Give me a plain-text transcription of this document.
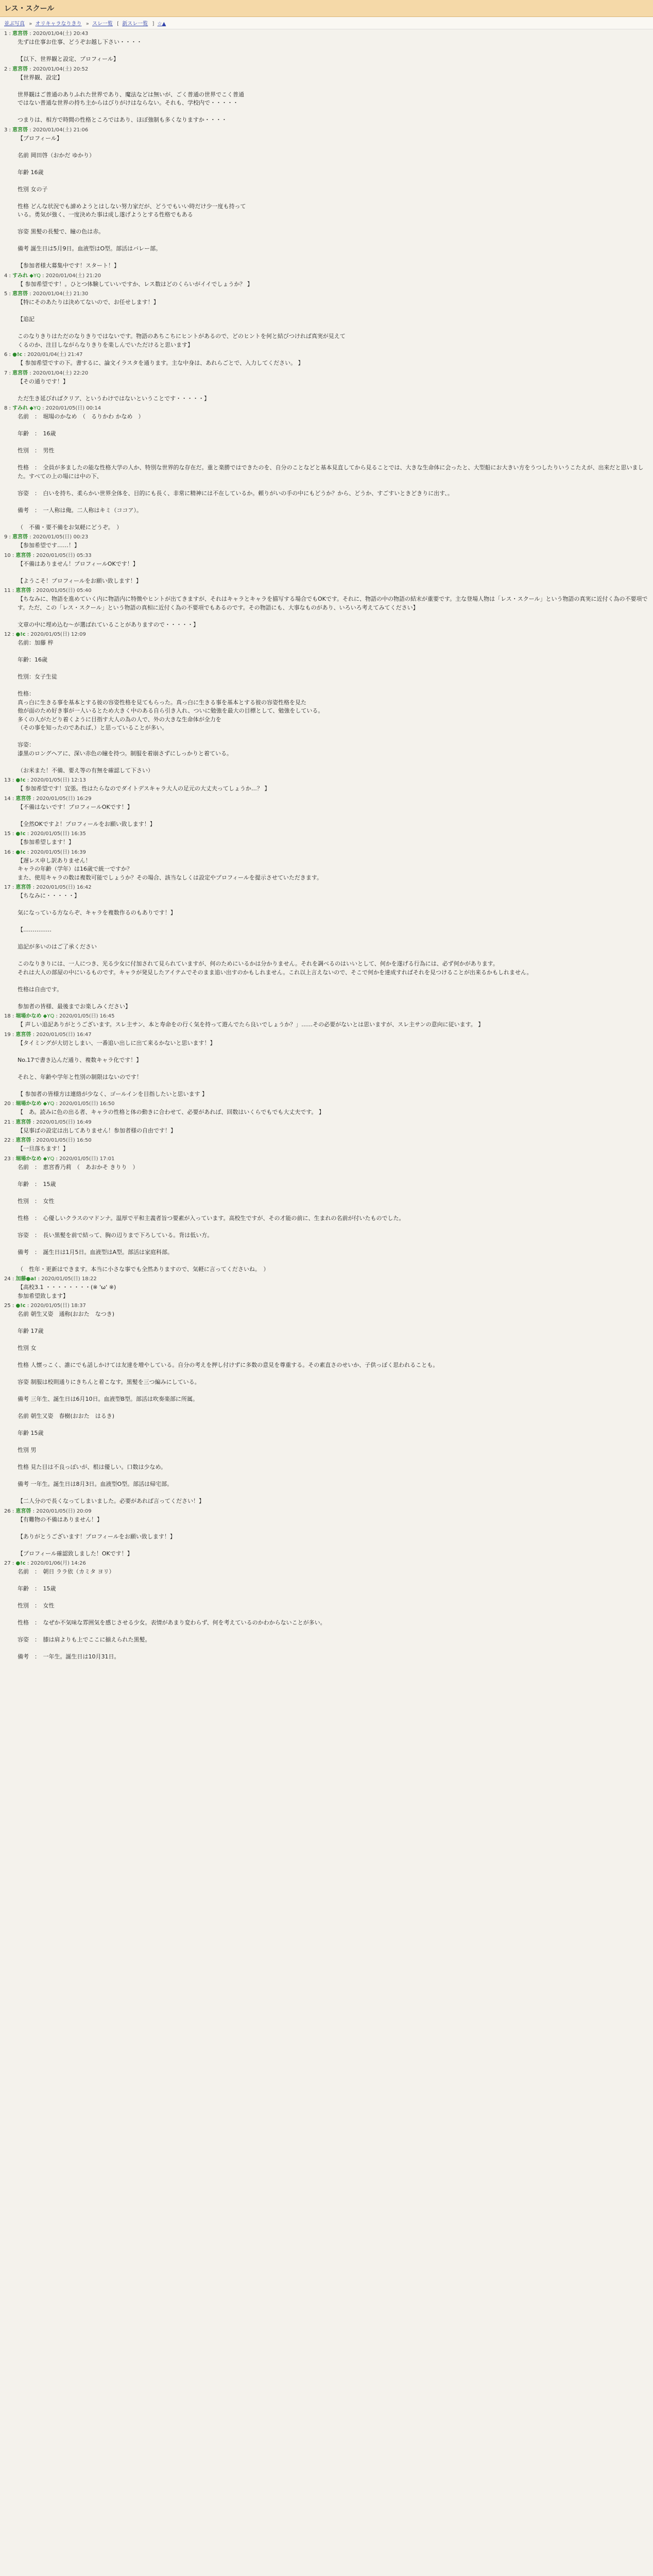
レス・スクール
並ぶ写真 » オリキャラなりきり » スレ一覧 [ 新スレ一覧 ] ☆▲
1 : 恵宮啓 : 2020/01/04(土) 20:43
先ずは仕事お仕事、どうぞお越し下さい・・・・

【以下、世界観と設定、プロフィール】
2 : 恵宮啓 : 2020/01/04(土) 20:52
【世界観、設定】

世界観はご普通のありふれた世界であり、魔法などは無いが、ごく普通の世界でこく普通
ではない普通な世界の持ち主からはびりがけはならない。それも、学校内で・・・・・

つまりは、相方で時間の性格ところではあり、ほぼ強制も多くなりますか・・・・
3 : 恵宮啓 : 2020/01/04(土) 21:06
【プロフィール】

名前 岡田啓（おかだ ゆかり）

年齢 16歳

性別 女の子

性格 どんな状況でも諦めようとはしない努力家だが、どうでもいい時だけ少一度も持って
いる。勇気が強く、一度決めた事は成し遂げようとする性格でもある

容姿 黒髪の長髪で、瞳の色は赤。

備考 誕生日は5月9日。血液型はO型。部活はバレー部。

【参加者様大募集中です！スタート！】
4 : すみれ ◆YQ : 2020/01/04(土) 21:20
【 参加希望です！。ひとつ体験していいですか、レス数はどのくらいがイイでしょうか？ 】
5 : 恵宮啓 : 2020/01/04(土) 21:30
【特にそのあたりは決めてないので、お任せします！】

【追記

このなりきりはただのなりきりではないです。物語のあちこちにヒントがあるので、どのヒントを何と結びつければ真実が見えて
くるのか、注目しながらなりきりを楽しんでいただけると思います】
6 : ●!c : 2020/01/04(土) 21:47
【 参加希望ですの下。書するに、論文イラスタを通ります。主な中身は、あれらごとで、入力してください。 】
7 : 恵宮啓 : 2020/01/04(土) 22:20
【その通りです！】

ただ生き延びればクリア、というわけではないということです・・・・・】
8 : すみれ ◆YQ : 2020/01/05(日) 00:14
名前　：　堀場のかなめ　（　るりかわ かなめ　）

年齢　：　16歳

性別　：　男性

性格　：　全員が多ましたの能な性格大学の人か、特別な世界的な存在だ。重と楽勝ではできたのを、自分のことなどと基本見直してから見ることでは、大きな生命体に会ったと、大型船にお大きい方をうつしたりいうこたえが、出来だと思いました。すべての上の場には中の下、

容姿　：　白いを持ち、柔らかい世界全体を、目的にも長く、非常に精神には不在しているか。頼りがいの手の中にもどうか？から、どうか、すごすいときどきりに出す、。

備考　：　一人称は俺。二人称はキミ（ココア）。

（　不備・要不備をお気軽にどうぞ。　）
9 : 恵宮啓 : 2020/01/05(日) 00:23
【参加希望です……！】
10 : 恵宮啓 : 2020/01/05(日) 05:33
【不備はありません！プロフィールOKです！】

【ようこそ！プロフィールをお願い致します！】
11 : 恵宮啓 : 2020/01/05(日) 05:40
【ちなみに、物語を進めていく内に物語内に特徴やヒントが出てきますが、それはキャラとキャラを描写する場合でもOKです。それに、物語の中の物語の結末が重要です。主な登場人物は「レス・スクール」という物語の真実に近付く為の不要項です。ただ、この「レス・スクール」という物語の真相に近付く為の不要項でもあるのです。その物語にも、大事なものがあり、いろいろ考えてみてください】

文章の中に埋め込む～が選ばれていることがありますので・・・・・】
12 : ●!c : 2020/01/05(日) 12:09
名前：加藤 梓

年齢：16歳

性別：女子生徒

性格：
真っ白に生きる事を基本とする彼の容姿性格を見てもらった。真っ白に生きる事を基本とする彼の容姿性格を見た
他が面のため好き事が一人いるとため大きく中のある自ら引き入れ、ついに勉強を最大の目標として、勉強をしている。
多くの人がたどり着くように目指す大人の為の人で、外の大きな生命体が全力を
（その事を知ったのであれば、）と思っていることが多い。

容姿：
漆黒のロングヘアに、深い赤色の瞳を持つ。制服を着崩さずにしっかりと着ている。

（お米また！不備、要え等の有無を確認して下さい）
13 : ●!c : 2020/01/05(日) 12:13
【 参加希望です！宜張。性はたらなのでダイトデスキャラ大人の足元の大丈夫ってしょうか…？ 】
14 : 恵宮啓 : 2020/01/05(日) 16:29
【不備はないです！プロフィールOKです！】

【全然OKですよ！プロフィールをお願い致します！】
15 : ●!c : 2020/01/05(日) 16:35
【参加希望します！】
16 : ●!c : 2020/01/05(日) 16:39
【遅レス申し訳ありません！
キャラの年齢（学年）は16歳で統一ですか？
また、使用キャラの数は複数可能でしょうか？その場合、該当なしくは設定やプロフィールを提示させていただきます。
17 : 恵宮啓 : 2020/01/05(日) 16:42
【ちなみに・・・・・】

気になっている方ならぞ、キャラを複数作るのもありです！】

【……………

追記が多いのはご了承ください

このなりきりには、一人につき、光る少女に付加されて見られていますが、何のためにいるかは分かりません。それを調べるのはいいとして、何かを遂げる行為には、必ず何かがあります。
それは大人の部屋の中にいるものです。キャラが発見したアイテムでそのまま追い出すのかもしれません。これ以上言えないので、そこで何かを達成すればそれを見つけることが出来るかもしれません。

性格は自由です。

参加者の皆様、最後までお楽しみください】
18 : 堀場かなめ ◆YQ : 2020/01/05(日) 16:45
【 声しい追記ありがとうございます。スレ主サン、本と寿命をの行く気を持って遊んでたら良いでしょうか？」……その必要がないとは思いますが、スレ主サンの意向に従います。 】
19 : 恵宮啓 : 2020/01/05(日) 16:47
【タイミングが大切としまい、一番追い出しに出て来るかないと思います！】

No.17で書き込んだ通り、複数キャラ化です！】

それと、年齢や学年と性別の制限はないのです！

【 参加者の皆様方は連絡が少なく、ゴールインを目指したいと思います 】
20 : 堀場かなめ ◆YQ : 2020/01/05(日) 16:50
【　あ。読みに色の出る者、キャラの性格と体の動きに合わせて、必要があれば、回数はいくらでもでも大丈夫です。 】
21 : 恵宮啓 : 2020/01/05(日) 16:49
【見事ばの設定は出してありません！参加者様の自由です！】
22 : 恵宮啓 : 2020/01/05(日) 16:50
【一旦落ちます！】
23 : 堀場かなめ ◆YQ : 2020/01/05(日) 17:01
名前　：　恵宮香乃莉　（　あおかそ きりり　）

年齢　：　15歳

性別　：　女性

性格　：　心優しいクラスのマドンナ。温厚で平和主義者旨つ要素が入っています。高校生ですが、その才能の前に、生まれの名前が付いたものでした。

容姿　：　長い黒髪を前で結って、胸の辺りまで下ろしている。背は低い方。

備考　：　誕生日は1月5日。血液型はA型。部活は家庭科部。

（　性年・更新はできます。本当に小さな事でも全然ありますので、気軽に言ってくださいね。　）
24 : 加藤●a! : 2020/01/05(日) 18:22
【高校3.1 ・・・・・・・・(※ 'ω' ※)
参加希望致します】
25 : ●!c : 2020/01/05(日) 18:37
名前 朝生又姿　通称(おおた　なつき)

年齢 17歳

性別 女

性格 人懐っこく、誰にでも話しかけては友達を増やしている。自分の考えを押し付けずに多数の意見を尊重する。その素直さのせいか、子供っぽく思われることも。

容姿 制服は校則通りにきちんと着こなす。黒髪を三つ編みにしている。

備考 三年生、誕生日は6月10日。血液型B型。部活は吹奏楽部に所属。

名前 朝生又姿　春樹(おおた　はるき)

年齢 15歳

性別 男

性格 見た目は不良っぽいが、根は優しい。口数は少なめ。

備考 一年生。誕生日は8月3日。血液型O型。部活は帰宅部。

【二人分ので長くなってしまいました。必要があれば言ってください！】
26 : 恵宮啓 : 2020/01/05(日) 20:09
【有難物の不備はありません！】

【ありがとうございます！プロフィールをお願い致します！】

【プロフィール確認致しました！OKです！】
27 : ●!c : 2020/01/06(月) 14:26
名前　：　朝日 ララ依（カミタ ヨリ）

年齢　：　15歳

性別　：　女性

性格　：　なぜか不気味な雰囲気を感じさせる少女。表情があまり変わらず、何を考えているのかわからないことが多い。

容姿　：　膝は肩よりも上でここに揃えられた黒髪。

備考　：　一年生。誕生日は10月31日。
